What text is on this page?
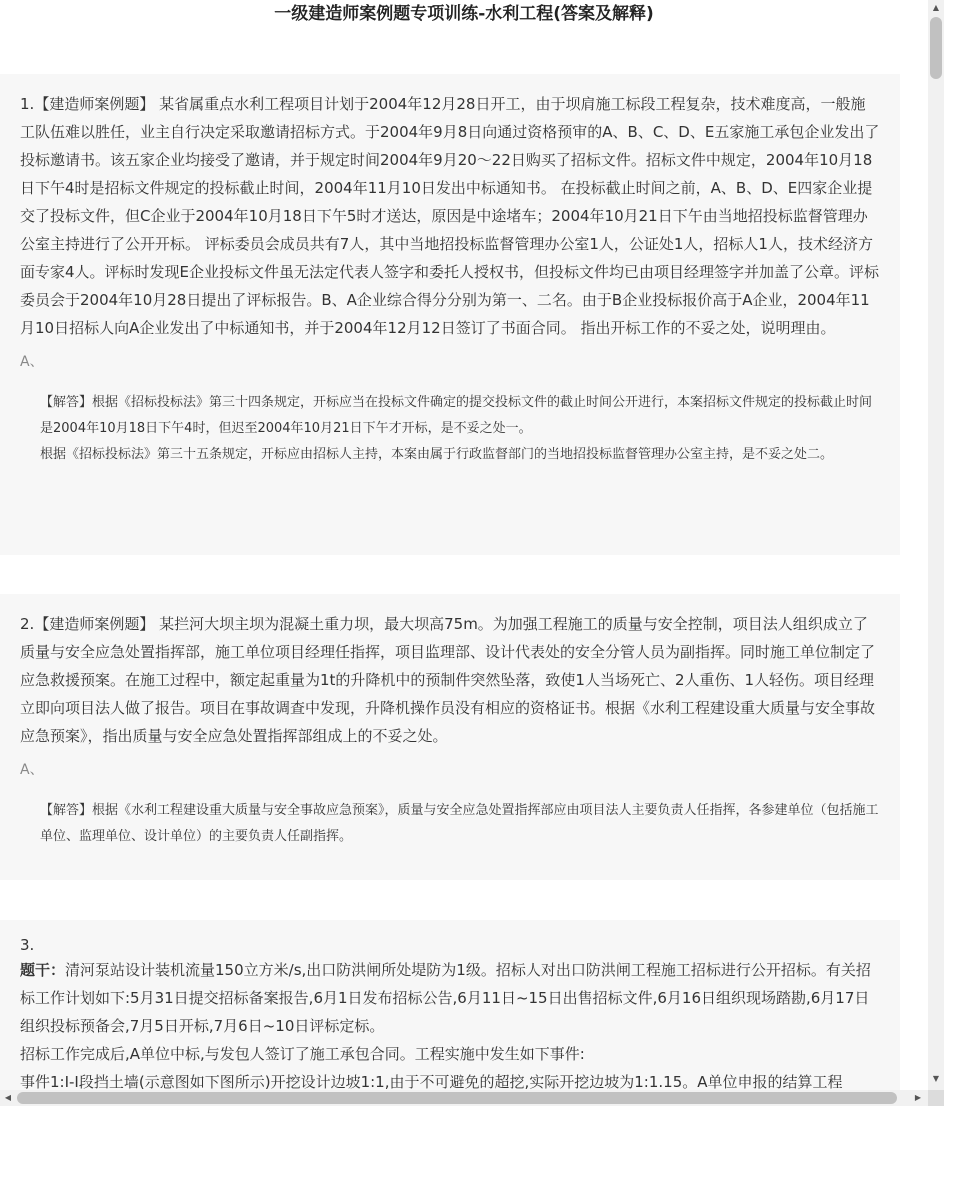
一级建造师案例题专项训练-水利工程(答案及解释)

1.【建造师案例题】 某省属重点水利工程项目计划于2004年12月28日开工，由于坝肩施工标段工程复杂，技术难度高，一般施工队伍难以胜任，业主自行决定采取邀请招标方式。于2004年9月8日向通过资格预审的A、B、C、D、E五家施工承包企业发出了投标邀请书。该五家企业均接受了邀请，并于规定时间2004年9月20～22日购买了招标文件。招标文件中规定，2004年10月18日下午4时是招标文件规定的投标截止时间，2004年11月10日发出中标通知书。 在投标截止时间之前，A、B、D、E四家企业提交了投标文件，但C企业于2004年10月18日下午5时才送达，原因是中途堵车；2004年10月21日下午由当地招投标监督管理办公室主持进行了公开开标。 评标委员会成员共有7人，其中当地招投标监督管理办公室1人，公证处1人，招标人1人，技术经济方面专家4人。评标时发现E企业投标文件虽无法定代表人签字和委托人授权书，但投标文件均已由项目经理签字并加盖了公章。评标委员会于2004年10月28日提出了评标报告。B、A企业综合得分分别为第一、二名。由于B企业投标报价高于A企业，2004年11月10日招标人向A企业发出了中标通知书，并于2004年12月12日签订了书面合同。 指出开标工作的不妥之处，说明理由。

A、

【解答】根据《招标投标法》第三十四条规定，开标应当在投标文件确定的提交投标文件的截止时间公开进行，本案招标文件规定的投标截止时间是2004年10月18日下午4时，但迟至2004年10月21日下午才开标，是不妥之处一。

根据《招标投标法》第三十五条规定，开标应由招标人主持，本案由属于行政监督部门的当地招投标监督管理办公室主持，是不妥之处二。

2.【建造师案例题】 某拦河大坝主坝为混凝土重力坝，最大坝高75m。为加强工程施工的质量与安全控制，项目法人组织成立了质量与安全应急处置指挥部，施工单位项目经理任指挥，项目监理部、设计代表处的安全分管人员为副指挥。同时施工单位制定了应急救援预案。在施工过程中，额定起重量为1t的升降机中的预制件突然坠落，致使1人当场死亡、2人重伤、1人轻伤。项目经理立即向项目法人做了报告。项目在事故调查中发现，升降机操作员没有相应的资格证书。根据《水利工程建设重大质量与安全事故应急预案》，指出质量与安全应急处置指挥部组成上的不妥之处。

A、

【解答】根据《水利工程建设重大质量与安全事故应急预案》，质量与安全应急处置指挥部应由项目法人主要负责人任指挥，各参建单位（包括施工单位、监理单位、设计单位）的主要负责人任副指挥。

3.

题干：清河泵站设计装机流量150立方米/s,出口防洪闸所处堤防为1级。招标人对出口防洪闸工程施工招标进行公开招标。有关招标工作计划如下:5月31日提交招标备案报告,6月1日发布招标公告,6月11日~15日出售招标文件,6月16日组织现场踏勘,6月17日组织投标预备会,7月5日开标,7月6日~10日评标定标。

招标工作完成后,A单位中标,与发包人签订了施工承包合同。工程实施中发生如下事件:

事件1:I-I段挡土墙(示意图如下图所示)开挖设计边坡1:1,由于不可避免的超挖,实际开挖边坡为1:1.15。A单位申报的结算工程

▲
▼
◀	▶
